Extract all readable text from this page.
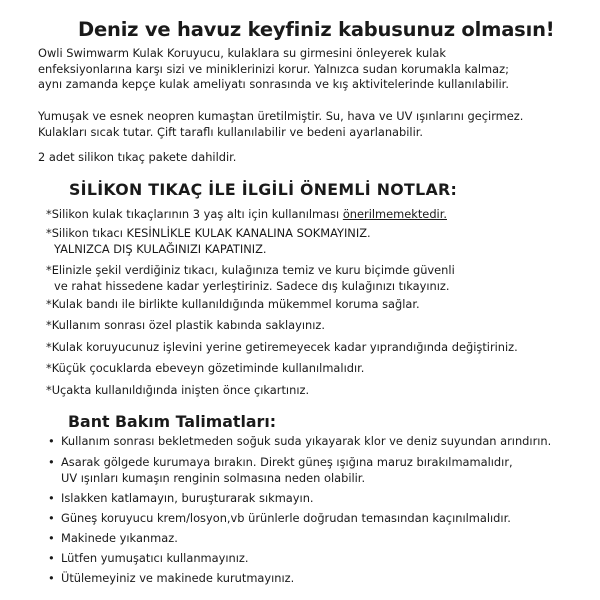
Deniz ve havuz keyfiniz kabusunuz olmasın!
Owli Swimwarm Kulak Koruyucu, kulaklara su girmesini önleyerek kulak
enfeksiyonlarına karşı sizi ve miniklerinizi korur. Yalnızca sudan korumakla kalmaz;
aynı zamanda kepçe kulak ameliyatı sonrasında ve kış aktivitelerinde kullanılabilir.
Yumuşak ve esnek neopren kumaştan üretilmiştir. Su, hava ve UV ışınlarını geçirmez.
Kulakları sıcak tutar. Çift taraflı kullanılabilir ve bedeni ayarlanabilir.
2 adet silikon tıkaç pakete dahildir.
SİLİKON TIKAÇ İLE İLGİLİ ÖNEMLİ NOTLAR:
*Silikon kulak tıkaçlarının 3 yaş altı için kullanılması önerilmemektedir.
*Silikon tıkacı KESİNLİKLE KULAK KANALINA SOKMAYINIZ.
YALNIZCA DIŞ KULAĞINIZI KAPATINIZ.
*Elinizle şekil verdiğiniz tıkacı, kulağınıza temiz ve kuru biçimde güvenli
ve rahat hissedene kadar yerleştiriniz. Sadece dış kulağınızı tıkayınız.
*Kulak bandı ile birlikte kullanıldığında mükemmel koruma sağlar.
*Kullanım sonrası özel plastik kabında saklayınız.
*Kulak koruyucunuz işlevini yerine getiremeyecek kadar yıprandığında değiştiriniz.
*Küçük çocuklarda ebeveyn gözetiminde kullanılmalıdır.
*Uçakta kullanıldığında inişten önce çıkartınız.
Bant Bakım Talimatları:
• Kullanım sonrası bekletmeden soğuk suda yıkayarak klor ve deniz suyundan arındırın.
• Asarak gölgede kurumaya bırakın. Direkt güneş ışığına maruz bırakılmamalıdır,
UV ışınları kumaşın renginin solmasına neden olabilir.
• Islakken katlamayın, buruşturarak sıkmayın.
• Güneş koruyucu krem/losyon,vb ürünlerle doğrudan temasından kaçınılmalıdır.
• Makinede yıkanmaz.
• Lütfen yumuşatıcı kullanmayınız.
• Ütülemeyiniz ve makinede kurutmayınız.
